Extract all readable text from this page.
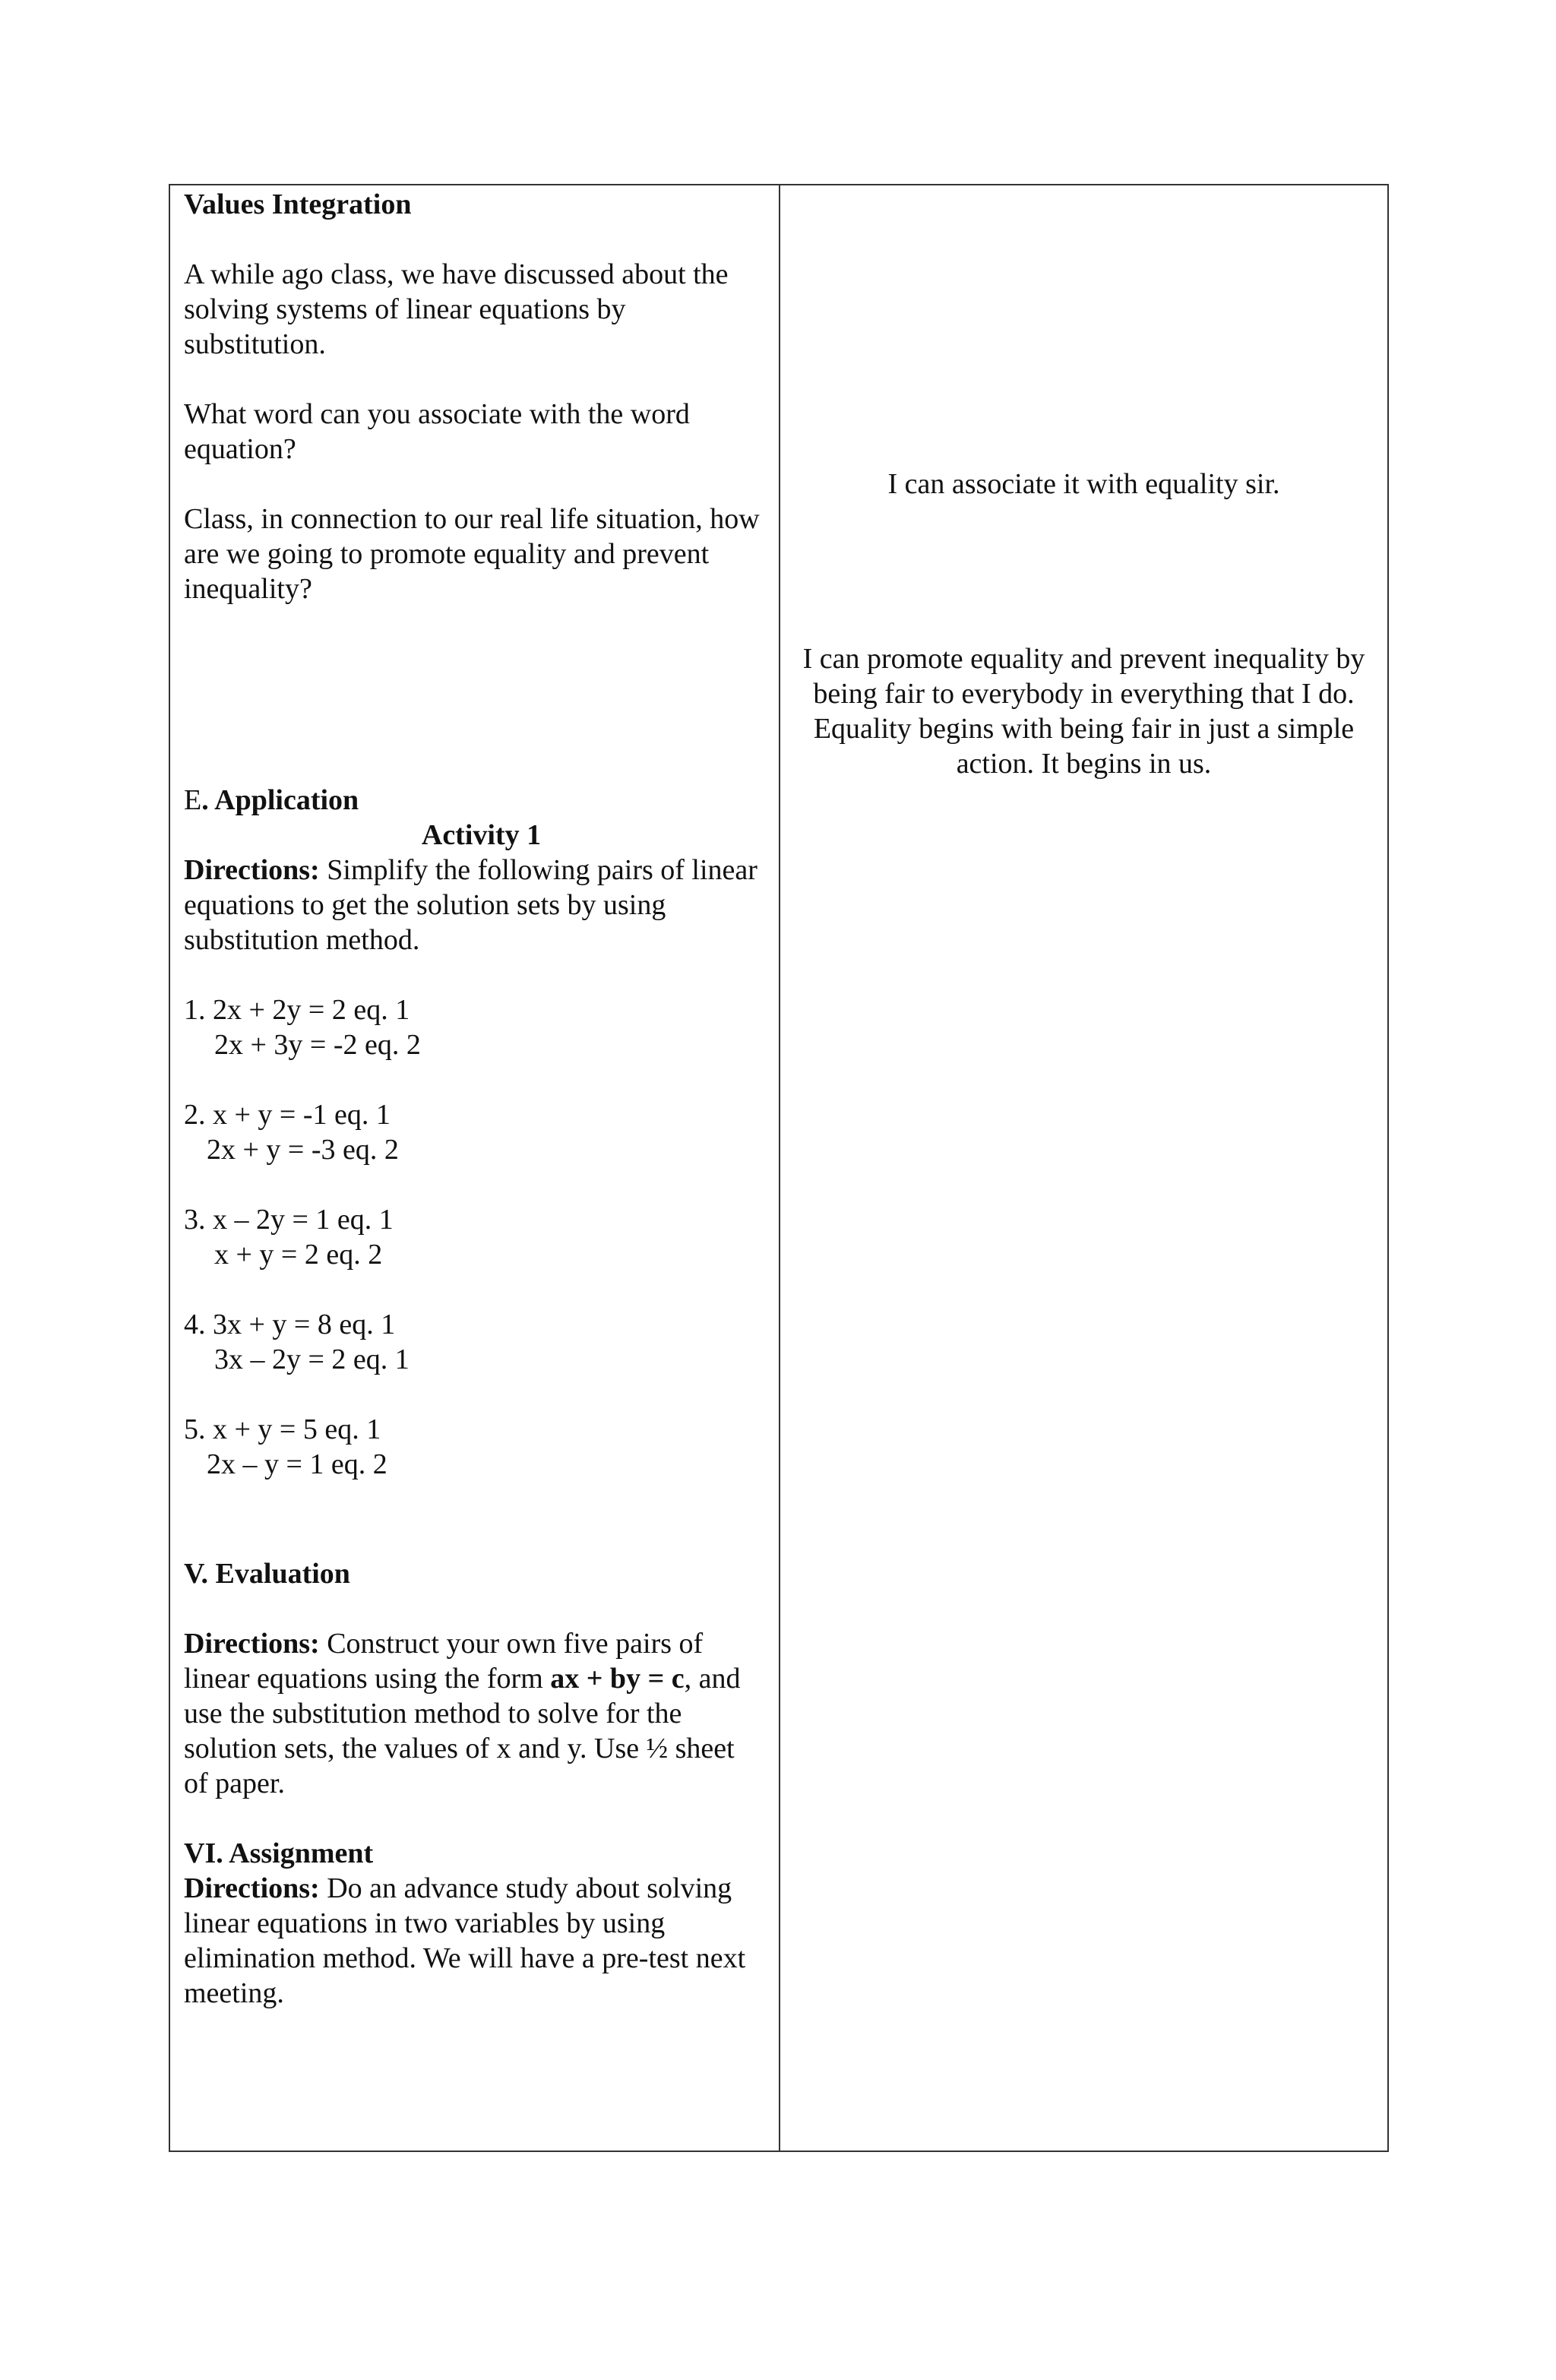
Values Integration

A while ago class, we have discussed about the solving systems of linear equations by substitution.

What word can you associate with the word equation?

Class, in connection to our real life situation, how are we going to promote equality and prevent inequality?

E. Application

Activity 1

Directions: Simplify the following pairs of linear equations to get the solution sets by using substitution method.

1. 2x + 2y = 2 eq. 1

2x + 3y = -2 eq. 2

2. x + y = -1 eq. 1

2x + y = -3 eq. 2

3. x – 2y = 1 eq. 1

x + y = 2 eq. 2

4. 3x + y = 8 eq. 1

3x – 2y = 2 eq. 1

5. x + y = 5 eq. 1

2x – y = 1 eq. 2

V. Evaluation

Directions: Construct your own five pairs of linear equations using the form ax + by = c, and use the substitution method to solve for the solution sets, the values of x and y. Use ½ sheet of paper.

VI. Assignment

Directions: Do an advance study about solving linear equations in two variables by using elimination method. We will have a pre-test next meeting.

I can associate it with equality sir.

I can promote equality and prevent inequality by being fair to everybody in everything that I do. Equality begins with being fair in just a simple action. It begins in us.
